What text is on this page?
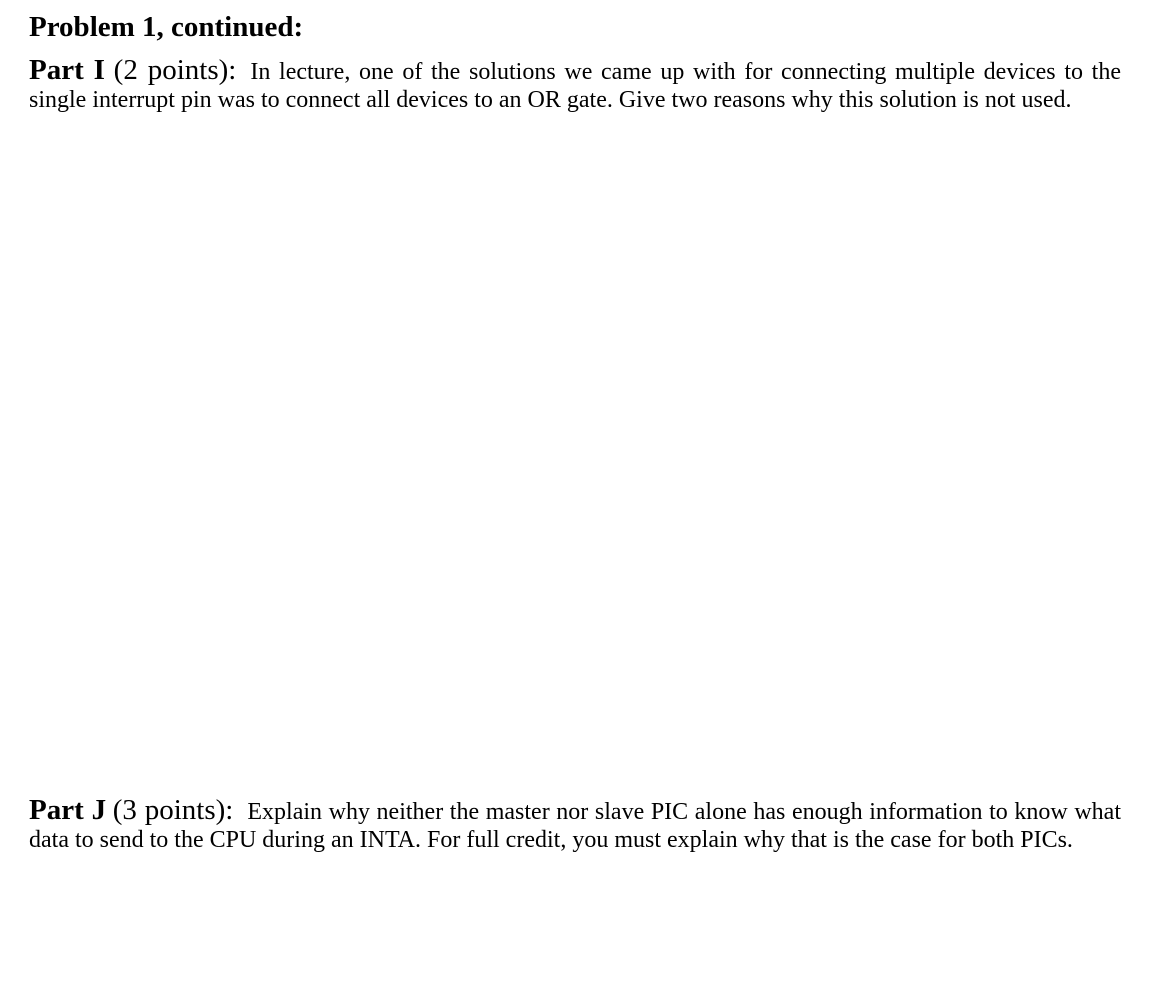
Problem 1, continued:
Part I (2 points): In lecture, one of the solutions we came up with for connecting multiple devices to the single interrupt pin was to connect all devices to an OR gate. Give two reasons why this solution is not used.
Part J (3 points): Explain why neither the master nor slave PIC alone has enough information to know what data to send to the CPU during an INTA. For full credit, you must explain why that is the case for both PICs.
